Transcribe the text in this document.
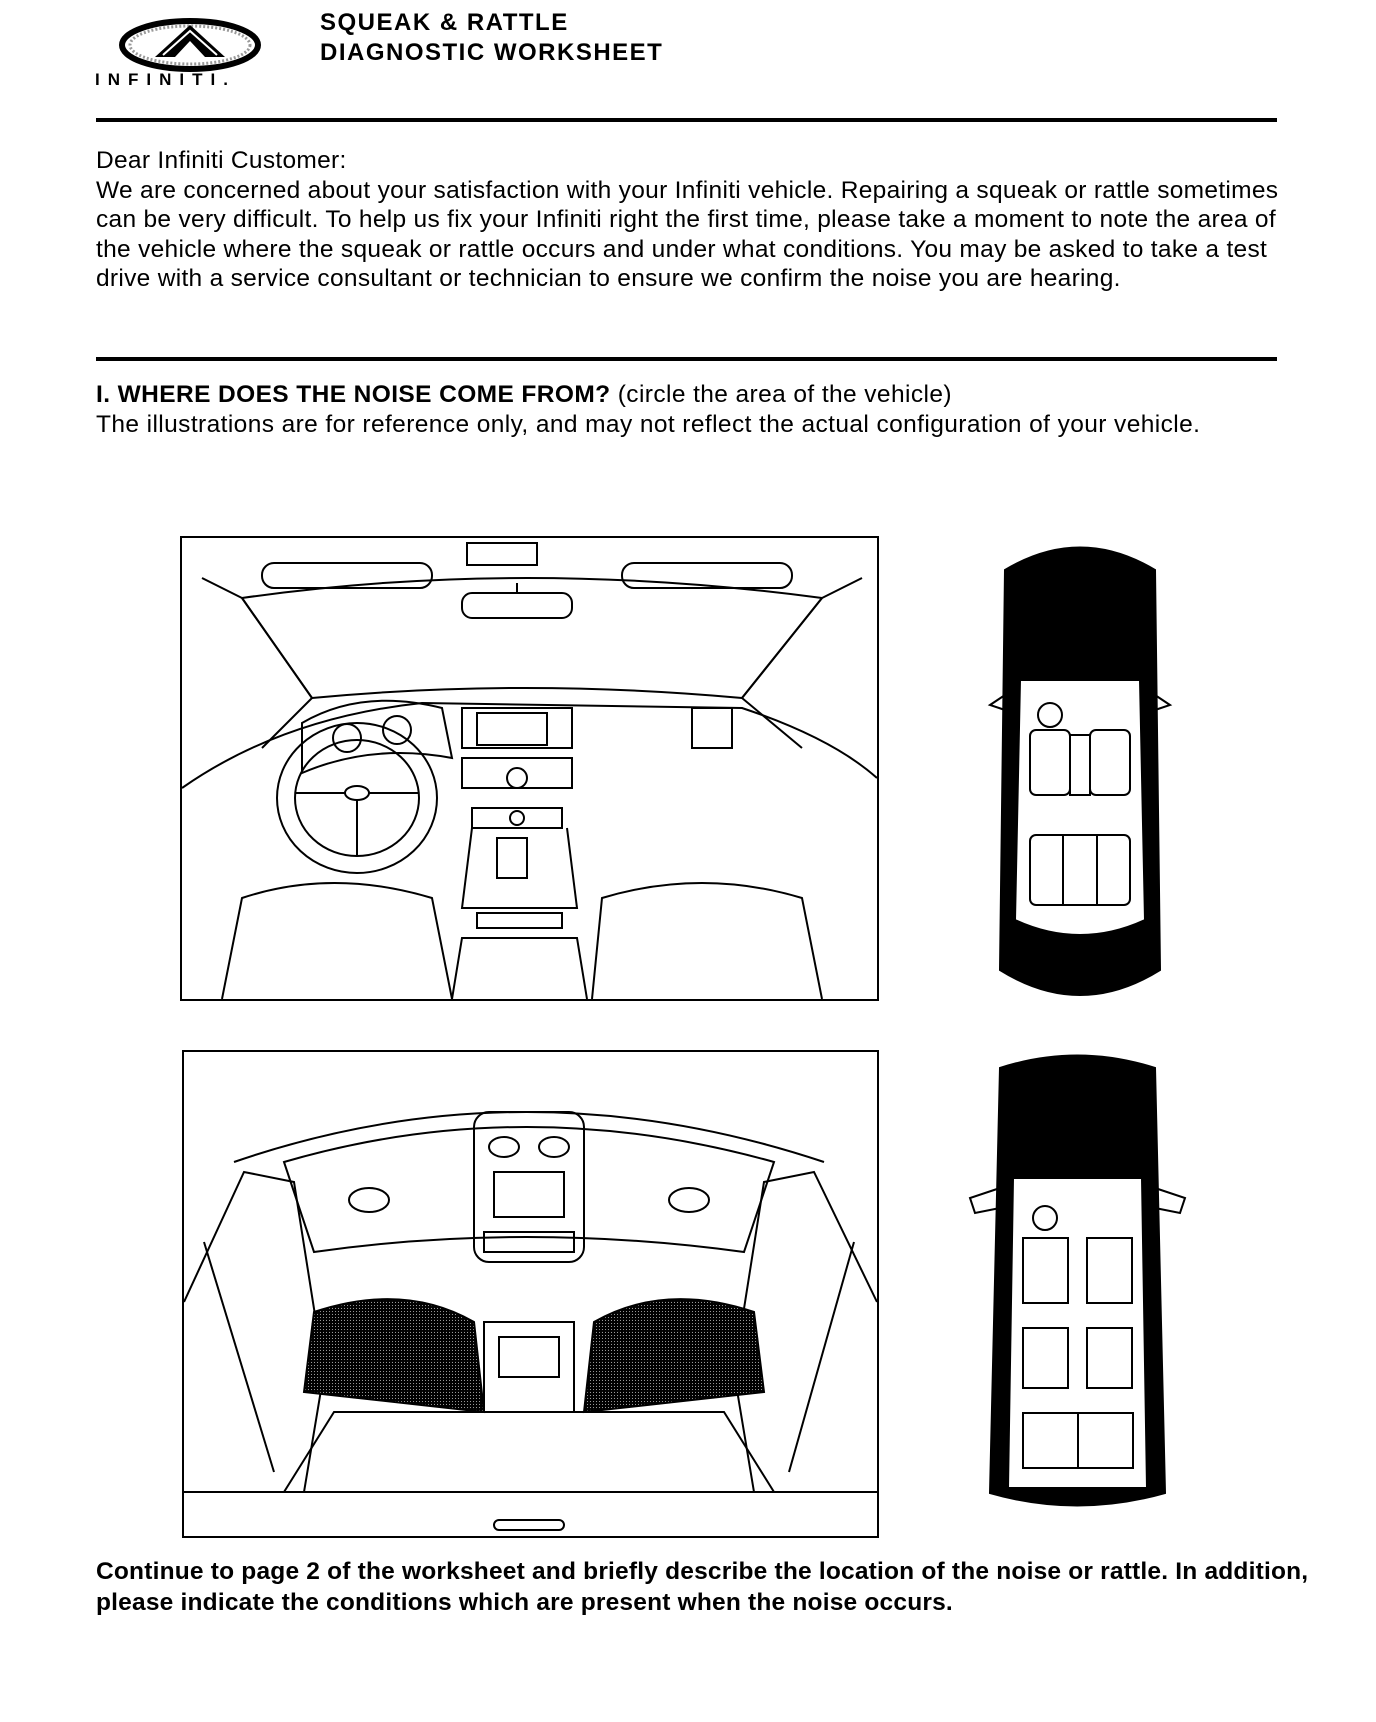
INFINITI.
SQUEAK & RATTLE
DIAGNOSTIC WORKSHEET

Dear Infiniti Customer:

We are concerned about your satisfaction with your Infiniti vehicle. Repairing a squeak or rattle sometimes can be very difficult. To help us fix your Infiniti right the first time, please take a moment to note the area of the vehicle where the squeak or rattle occurs and under what conditions. You may be asked to take a test drive with a service consultant or technician to ensure we confirm the noise you are hearing.

I. WHERE DOES THE NOISE COME FROM? (circle the area of the vehicle)

The illustrations are for reference only, and may not reflect the actual configuration of your vehicle.

Continue to page 2 of the worksheet and briefly describe the location of the noise or rattle. In addition, please indicate the conditions which are present when the noise occurs.
